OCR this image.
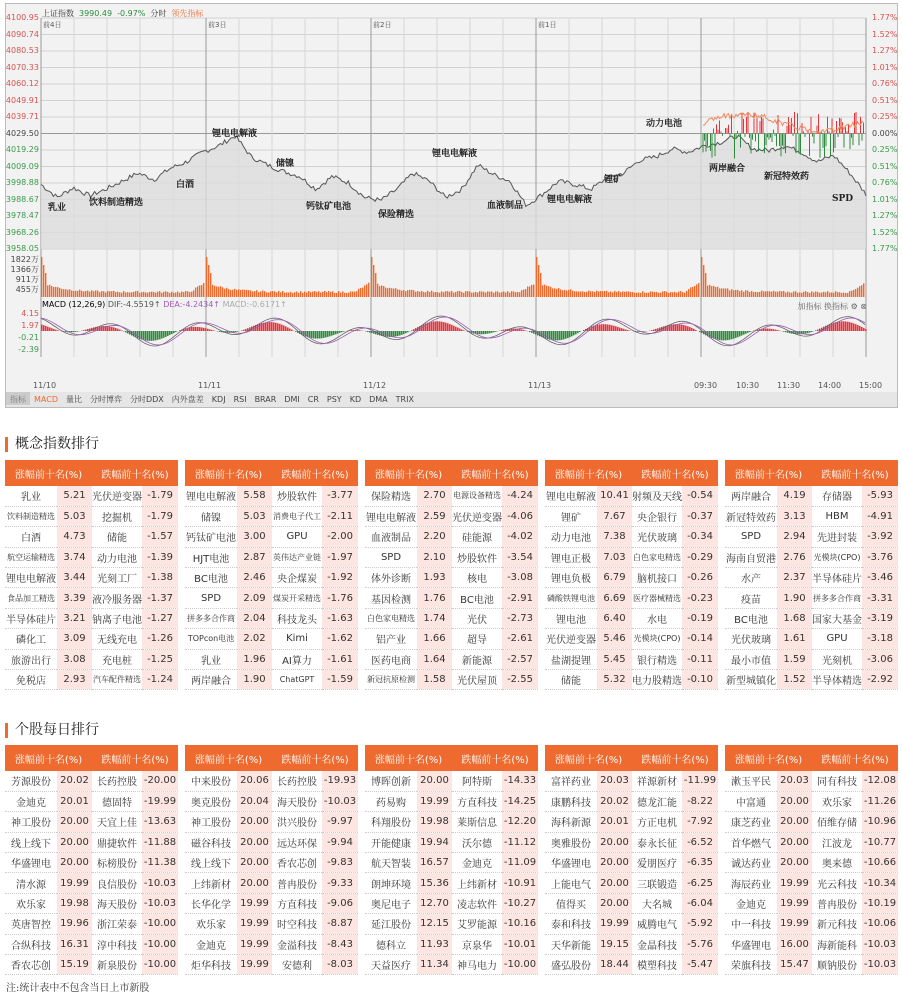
上证指数 3990.49 -0.97% 分时 领先指标
前4日	前3日	前2日	前1日
4100.95
4090.74
4080.53
4070.33
4060.12
4049.91
4039.71
4029.50
4019.29
4009.09
3998.88
3988.67
3978.47
3968.26
3958.05
1.77%
1.52%
1.27%
1.01%
0.76%
0.51%
0.25%
0.00%
0.25%
0.51%
0.76%
1.01%
1.27%
1.52%
1.77%
1822万
1366万
911万
455万
4.15
1.97
-0.21
-2.39
乳业	饮料制造精选
白酒
锂电电解液
储镍
钙钛矿电池
保险精选
锂电电解液
血液制品
锂电电解液
锂矿
动力电池
两岸融合
新冠特效药
SPD
MACD (12,26,9) DIF:-4.5519↑ DEA:-4.2434↑ MACD:-0.6171↑	加指标 换指标 ⚙ ⊗
11/10	11/11	11/12	11/13	09:30 10:30 11:30 14:00 15:00
指标 MACD 量比 分时博弈 分时DDX 内外盘差 KDJ RSI BRAR DMI CR PSY KD DMA TRIX
概念指数排行
涨幅前十名(%)		跌幅前十名(%)	
乳业	5.21	光伏逆变器	-1.79
饮料制造精选	5.03	挖掘机	-1.79
白酒	4.73	储能	-1.57
航空运输精选	3.74	动力电池	-1.39
锂电电解液	3.44	光刻工厂	-1.38
食品加工精选	3.39	液冷服务器	-1.37
半导体硅片	3.21	钠离子电池	-1.27
磷化工	3.09	无线充电	-1.26
旅游出行	3.08	充电桩	-1.25
免税店	2.93	汽车配件精选	-1.24
涨幅前十名(%)		跌幅前十名(%)	
锂电电解液	5.58	炒股软件	-3.77
储镍	5.03	消费电子代工	-2.11
钙钛矿电池	3.00	GPU	-2.00
HJT电池	2.87	英伟达产业链	-1.97
BC电池	2.46	央企煤炭	-1.92
SPD	2.09	煤炭开采精选	-1.76
拼多多合作商	2.04	科技龙头	-1.63
TOPcon电池	2.02	Kimi	-1.62
乳业	1.96	AI算力	-1.61
两岸融合	1.90	ChatGPT	-1.59
涨幅前十名(%)		跌幅前十名(%)	
保险精选	2.70	电源设备精选	-4.24
锂电电解液	2.59	光伏逆变器	-4.06
血液制品	2.20	硅能源	-4.02
SPD	2.10	炒股软件	-3.54
体外诊断	1.93	核电	-3.08
基因检测	1.76	BC电池	-2.91
白色家电精选	1.74	光伏	-2.73
铝产业	1.66	超导	-2.61
医药电商	1.64	新能源	-2.57
新冠抗原检测	1.58	光伏屋顶	-2.55
涨幅前十名(%)		跌幅前十名(%)	
锂电电解液	10.41	射频及天线	-0.54
锂矿	7.67	央企银行	-0.37
动力电池	7.38	光伏玻璃	-0.34
锂电正极	7.03	白色家电精选	-0.29
锂电负极	6.79	脑机接口	-0.26
磷酸铁锂电池	6.69	医疗器械精选	-0.23
锂电池	6.40	水电	-0.19
光伏逆变器	5.46	光模块(CPO)	-0.14
盐湖提锂	5.45	银行精选	-0.11
储能	5.32	电力股精选	-0.10
涨幅前十名(%)		跌幅前十名(%)	
两岸融合	4.19	存储器	-5.93
新冠特效药	3.13	HBM	-4.91
SPD	2.94	先进封装	-3.92
海南自贸港	2.76	光模块(CPO)	-3.76
水产	2.37	半导体硅片	-3.46
疫苗	1.90	拼多多合作商	-3.31
BC电池	1.68	国家大基金	-3.19
光伏玻璃	1.61	GPU	-3.18
最小市值	1.59	光刻机	-3.06
新型城镇化	1.52	半导体精选	-2.92
个股每日排行
涨幅前十名(%)		跌幅前十名(%)	
芳源股份	20.02	长药控股	-20.00
金迪克	20.01	德固特	-19.99
神工股份	20.00	天宜上佳	-13.63
线上线下	20.00	鼎捷软件	-11.88
华盛锂电	20.00	标榜股份	-11.38
清水源	19.99	良信股份	-10.03
欢乐家	19.98	海天股份	-10.03
英唐智控	19.96	浙江荣泰	-10.00
合纵科技	16.31	淳中科技	-10.00
香农芯创	15.19	新泉股份	-10.00
涨幅前十名(%)		跌幅前十名(%)	
中来股份	20.06	长药控股	-19.93
奥克股份	20.04	海天股份	-10.03
神工股份	20.00	洪兴股份	-9.97
磁谷科技	20.00	远达环保	-9.94
线上线下	20.00	香农芯创	-9.83
上纬新材	20.00	普冉股份	-9.33
长华化学	19.99	方直科技	-9.06
欢乐家	19.99	时空科技	-8.87
金迪克	19.99	金溢科技	-8.43
炬华科技	19.99	安德利	-8.03
涨幅前十名(%)		跌幅前十名(%)	
博晖创新	20.00	阿特斯	-14.33
药易购	19.99	方直科技	-14.25
科翔股份	19.98	莱斯信息	-12.20
开能健康	19.94	沃尔德	-11.12
航天智装	16.57	金迪克	-11.09
朗坤环境	15.36	上纬新材	-10.91
奥尼电子	12.70	凌志软件	-10.27
延江股份	12.15	艾罗能源	-10.16
德科立	11.93	京泉华	-10.01
天益医疗	11.34	神马电力	-10.00
涨幅前十名(%)		跌幅前十名(%)	
富祥药业	20.03	祥源新材	-11.99
康鹏科技	20.02	德龙汇能	-8.22
海科新源	20.01	方正电机	-7.92
奥雅股份	20.00	泰永长征	-6.52
华盛锂电	20.00	爱朋医疗	-6.35
上能电气	20.00	三联锻造	-6.25
值得买	20.00	大名城	-6.04
泰和科技	19.99	威腾电气	-5.92
天华新能	19.15	金晶科技	-5.76
盛弘股份	18.44	模塑科技	-5.47
涨幅前十名(%)		跌幅前十名(%)	
漱玉平民	20.03	同有科技	-12.08
中富通	20.00	欢乐家	-11.26
康芝药业	20.00	佰维存储	-10.96
首华燃气	20.00	江波龙	-10.77
诚达药业	20.00	奥来德	-10.66
海辰药业	19.99	光云科技	-10.34
金迪克	19.99	普冉股份	-10.19
中一科技	19.99	新元科技	-10.06
华盛锂电	16.00	海新能科	-10.03
荣旗科技	15.47	顺钠股份	-10.03
注:统计表中不包含当日上市新股
